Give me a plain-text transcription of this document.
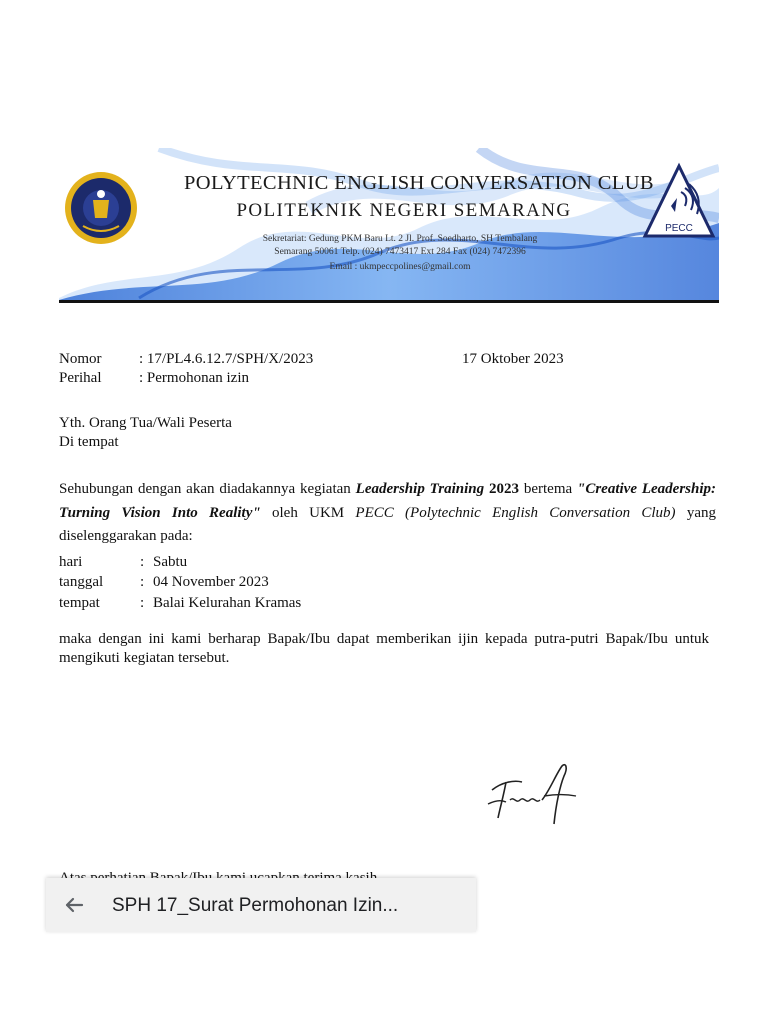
POLYTECHNIC ENGLISH CONVERSATION CLUB
POLITEKNIK NEGERI SEMARANG
Sekretariat: Gedung PKM Baru Lt. 2 Jl. Prof. Soedharto, SH Tembalang
Semarang 50061 Telp. (024) 7473417 Ext 284 Fax (024) 7472396
Email : ukmpeccpolines@gmail.com
PECC
Nomor	: 17/PL4.6.12.7/SPH/X/2023	17 Oktober 2023
Perihal	: Permohonan izin
Yth. Orang Tua/Wali Peserta
Di tempat
Sehubungan dengan akan diadakannya kegiatan Leadership Training 2023 bertema "Creative Leadership: Turning Vision Into Reality" oleh UKM PECC (Polytechnic English Conversation Club) yang diselenggarakan pada:
hari	: Sabtu
tanggal : 04 November 2023
tempat	: Balai Kelurahan Kramas
maka dengan ini kami berharap Bapak/Ibu dapat memberikan ijin kepada putra-putri Bapak/Ibu untuk mengikuti kegiatan tersebut.
SPH 17_Surat Permohonan Izin...
